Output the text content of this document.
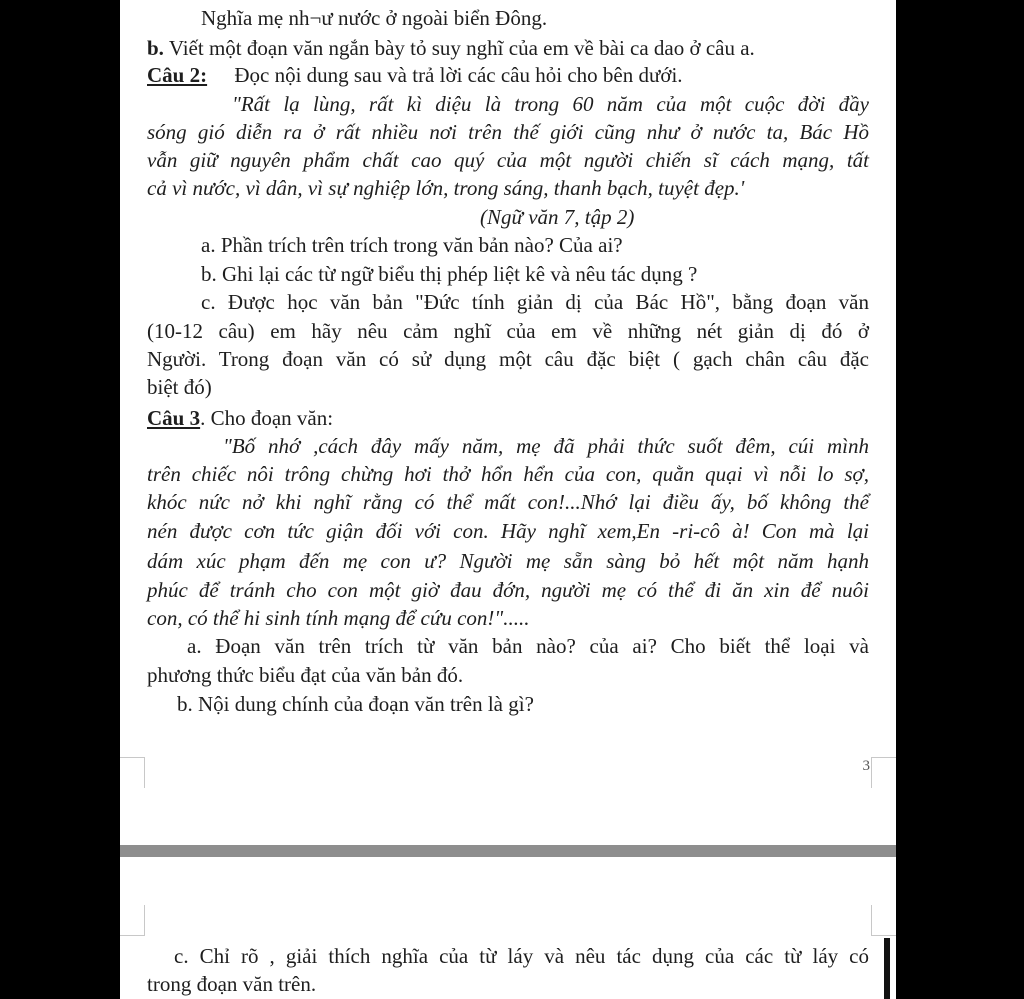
Nghĩa mẹ nh¬ư nước ở ngoài biển Đông.

b. Viết một đoạn văn ngắn bày tỏ suy nghĩ của em về bài ca dao ở câu a.

Câu 2: Đọc nội dung sau và trả lời các câu hỏi cho bên dưới.

"Rất lạ lùng, rất kì diệu là trong 60 năm của một cuộc đời đầy

sóng gió diễn ra ở rất nhiều nơi trên thế giới cũng như ở nước ta, Bác Hồ

vẫn giữ nguyên phẩm chất cao quý của một người chiến sĩ cách mạng, tất

cả vì nước, vì dân, vì sự nghiệp lớn, trong sáng, thanh bạch, tuyệt đẹp.'

(Ngữ văn 7, tập 2)

a. Phần trích trên trích trong văn bản nào? Của ai?

b. Ghi lại các từ ngữ biểu thị phép liệt kê và nêu tác dụng ?

c. Được học văn bản "Đức tính giản dị của Bác Hồ", bằng đoạn văn

(10-12 câu) em hãy nêu cảm nghĩ của em về những nét giản dị đó ở

Người. Trong đoạn văn có sử dụng một câu đặc biệt ( gạch chân câu đặc

biệt đó)

Câu 3. Cho đoạn văn:

"Bố nhớ ,cách đây mấy năm, mẹ đã phải thức suốt đêm, cúi mình

trên chiếc nôi trông chừng hơi thở hổn hển của con, quằn quại vì nỗi lo sợ,

khóc nức nở khi nghĩ rằng có thể mất con!...Nhớ lại điều ấy, bố không thể

nén được cơn tức giận đối với con. Hãy nghĩ xem,En -ri-cô à! Con mà lại

dám xúc phạm đến mẹ con ư? Người mẹ sẵn sàng bỏ hết một năm hạnh

phúc để tránh cho con một giờ đau đớn, người mẹ có thể đi ăn xin để nuôi

con, có thể hi sinh tính mạng để cứu con!".....

a. Đoạn văn trên trích từ văn bản nào? của ai? Cho biết thể loại và

phương thức biểu đạt của văn bản đó.

b. Nội dung chính của đoạn văn trên là gì?

3

c. Chỉ rõ , giải thích nghĩa của từ láy và nêu tác dụng của các từ láy có

trong đoạn văn trên.
